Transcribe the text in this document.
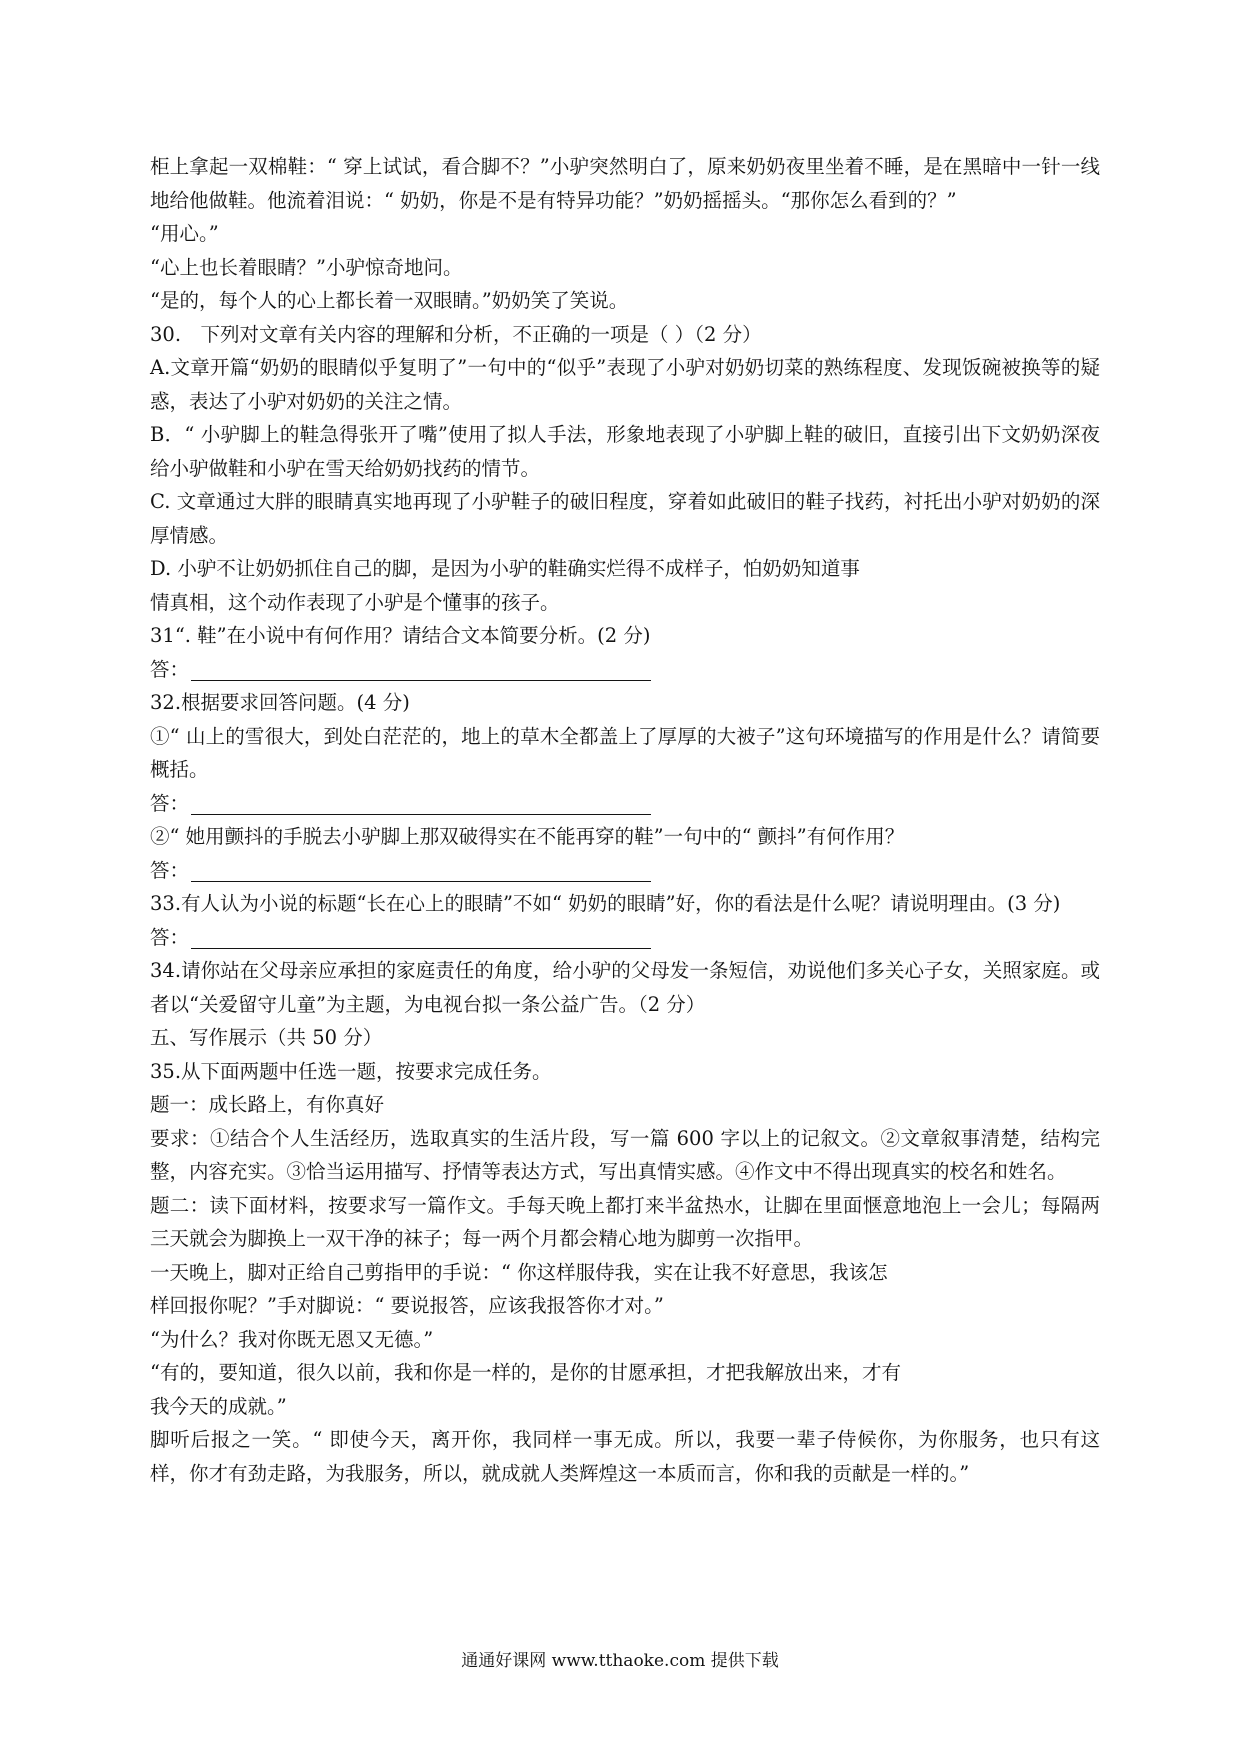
柜上拿起一双棉鞋：“ 穿上试试，看合脚不？”小驴突然明白了，原来奶奶夜里坐着不睡，是在黑暗中一针一线地给他做鞋。他流着泪说：“ 奶奶，你是不是有特异功能？”奶奶摇摇头。“那你怎么看到的？”

“用心。”

“心上也长着眼睛？”小驴惊奇地问。

“是的，每个人的心上都长着一双眼睛。”奶奶笑了笑说。

30.　下列对文章有关内容的理解和分析，不正确的一项是（ ）（2 分）

A.文章开篇“奶奶的眼睛似乎复明了”一句中的“似乎”表现了小驴对奶奶切菜的熟练程度、发现饭碗被换等的疑惑，表达了小驴对奶奶的关注之情。

B．“ 小驴脚上的鞋急得张开了嘴”使用了拟人手法，形象地表现了小驴脚上鞋的破旧，直接引出下文奶奶深夜给小驴做鞋和小驴在雪天给奶奶找药的情节。

C. 文章通过大胖的眼睛真实地再现了小驴鞋子的破旧程度，穿着如此破旧的鞋子找药，衬托出小驴对奶奶的深厚情感。

D. 小驴不让奶奶抓住自己的脚，是因为小驴的鞋确实烂得不成样子，怕奶奶知道事

情真相，这个动作表现了小驴是个懂事的孩子。

31“. 鞋”在小说中有何作用？请结合文本简要分析。(2 分)

答：

32.根据要求回答问题。(4 分)

①“ 山上的雪很大，到处白茫茫的，地上的草木全都盖上了厚厚的大被子”这句环境描写的作用是什么？请简要概括。

答：

②“ 她用颤抖的手脱去小驴脚上那双破得实在不能再穿的鞋”一句中的“ 颤抖”有何作用？

答：

33.有人认为小说的标题“长在心上的眼睛”不如“ 奶奶的眼睛”好，你的看法是什么呢？请说明理由。(3 分)

答：

34.请你站在父母亲应承担的家庭责任的角度，给小驴的父母发一条短信，劝说他们多关心子女，关照家庭。或者以“关爱留守儿童”为主题，为电视台拟一条公益广告。（2 分）

五、写作展示（共 50 分）

35.从下面两题中任选一题，按要求完成任务。

题一：成长路上，有你真好

要求：①结合个人生活经历，选取真实的生活片段，写一篇 600 字以上的记叙文。②文章叙事清楚，结构完整，内容充实。③恰当运用描写、抒情等表达方式，写出真情实感。④作文中不得出现真实的校名和姓名。

题二：读下面材料，按要求写一篇作文。手每天晚上都打来半盆热水，让脚在里面惬意地泡上一会儿；每隔两三天就会为脚换上一双干净的袜子；每一两个月都会精心地为脚剪一次指甲。

一天晚上，脚对正给自己剪指甲的手说：“ 你这样服侍我，实在让我不好意思，我该怎

样回报你呢？”手对脚说：“ 要说报答，应该我报答你才对。”

“为什么？我对你既无恩又无德。”

“有的，要知道，很久以前，我和你是一样的，是你的甘愿承担，才把我解放出来，才有

我今天的成就。”

脚听后报之一笑。“ 即使今天，离开你，我同样一事无成。所以，我要一辈子侍候你，为你服务，也只有这样，你才有劲走路，为我服务，所以，就成就人类辉煌这一本质而言，你和我的贡献是一样的。”

通通好课网 www.tthaoke.com 提供下载
